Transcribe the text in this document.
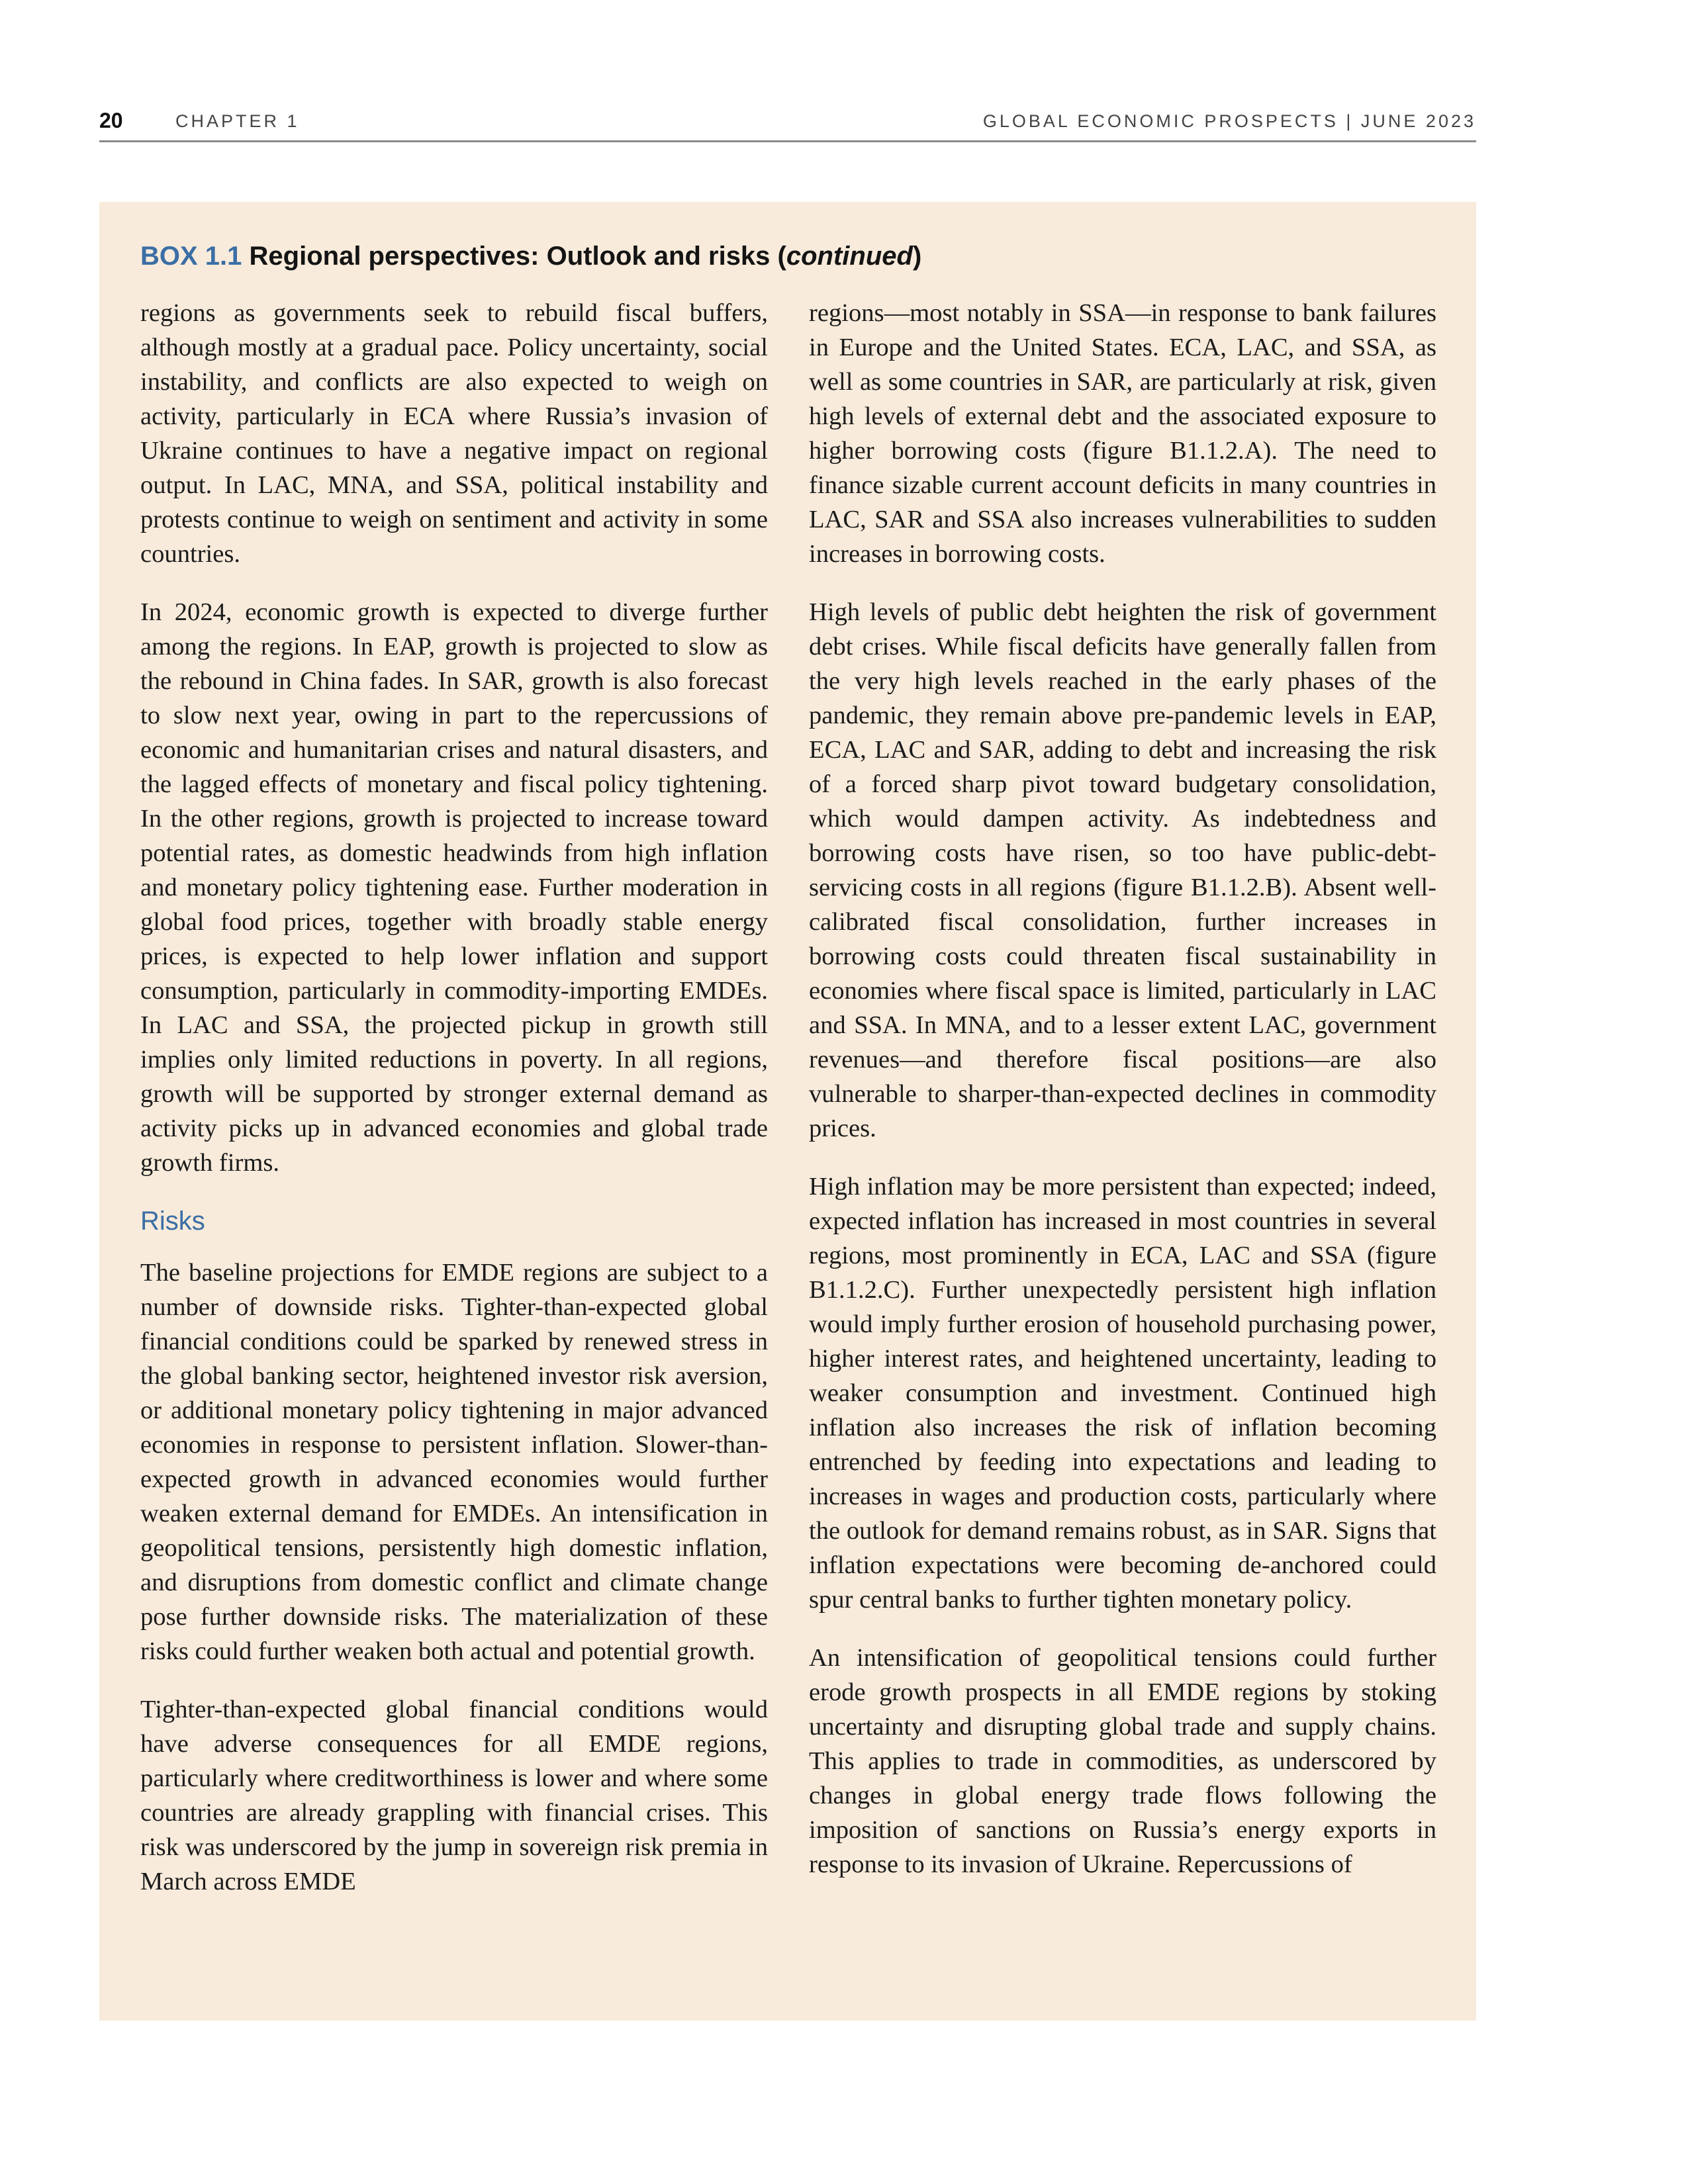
20	CHAPTER 1	GLOBAL ECONOMIC PROSPECTS | JUNE 2023
BOX 1.1 Regional perspectives: Outlook and risks (continued)

regions as governments seek to rebuild fiscal buffers, although mostly at a gradual pace. Policy uncertainty, social instability, and conflicts are also expected to weigh on activity, particularly in ECA where Russia’s invasion of Ukraine continues to have a negative impact on regional output. In LAC, MNA, and SSA, political instability and protests continue to weigh on sentiment and activity in some countries.

In 2024, economic growth is expected to diverge further among the regions. In EAP, growth is projected to slow as the rebound in China fades. In SAR, growth is also forecast to slow next year, owing in part to the repercussions of economic and humanitarian crises and natural disasters, and the lagged effects of monetary and fiscal policy tightening. In the other regions, growth is projected to increase toward potential rates, as domestic headwinds from high inflation and monetary policy tightening ease. Further moderation in global food prices, together with broadly stable energy prices, is expected to help lower inflation and support consumption, particularly in commodity-importing EMDEs. In LAC and SSA, the projected pickup in growth still implies only limited reductions in poverty. In all regions, growth will be supported by stronger external demand as activity picks up in advanced economies and global trade growth firms.

Risks

The baseline projections for EMDE regions are subject to a number of downside risks. Tighter-than-expected global financial conditions could be sparked by renewed stress in the global banking sector, heightened investor risk aversion, or additional monetary policy tightening in major advanced economies in response to persistent inflation. Slower-than-expected growth in advanced economies would further weaken external demand for EMDEs. An intensification in geopolitical tensions, persistently high domestic inflation, and disruptions from domestic conflict and climate change pose further downside risks. The materialization of these risks could further weaken both actual and potential growth.

Tighter-than-expected global financial conditions would have adverse consequences for all EMDE regions, particularly where creditworthiness is lower and where some countries are already grappling with financial crises. This risk was underscored by the jump in sovereign risk premia in March across EMDE

regions—most notably in SSA—in response to bank failures in Europe and the United States. ECA, LAC, and SSA, as well as some countries in SAR, are particularly at risk, given high levels of external debt and the associated exposure to higher borrowing costs (figure B1.1.2.A). The need to finance sizable current account deficits in many countries in LAC, SAR and SSA also increases vulnerabilities to sudden increases in borrowing costs.

High levels of public debt heighten the risk of government debt crises. While fiscal deficits have generally fallen from the very high levels reached in the early phases of the pandemic, they remain above pre-pandemic levels in EAP, ECA, LAC and SAR, adding to debt and increasing the risk of a forced sharp pivot toward budgetary consolidation, which would dampen activity. As indebtedness and borrowing costs have risen, so too have public-debt-servicing costs in all regions (figure B1.1.2.B). Absent well-calibrated fiscal consolidation, further increases in borrowing costs could threaten fiscal sustainability in economies where fiscal space is limited, particularly in LAC and SSA. In MNA, and to a lesser extent LAC, government revenues—and therefore fiscal positions—are also vulnerable to sharper-than-expected declines in commodity prices.

High inflation may be more persistent than expected; indeed, expected inflation has increased in most countries in several regions, most prominently in ECA, LAC and SSA (figure B1.1.2.C). Further unexpectedly persistent high inflation would imply further erosion of household purchasing power, higher interest rates, and heightened uncertainty, leading to weaker consumption and investment. Continued high inflation also increases the risk of inflation becoming entrenched by feeding into expectations and leading to increases in wages and production costs, particularly where the outlook for demand remains robust, as in SAR. Signs that inflation expectations were becoming de-anchored could spur central banks to further tighten monetary policy.

An intensification of geopolitical tensions could further erode growth prospects in all EMDE regions by stoking uncertainty and disrupting global trade and supply chains. This applies to trade in commodities, as underscored by changes in global energy trade flows following the imposition of sanctions on Russia’s energy exports in response to its invasion of Ukraine. Repercussions of
